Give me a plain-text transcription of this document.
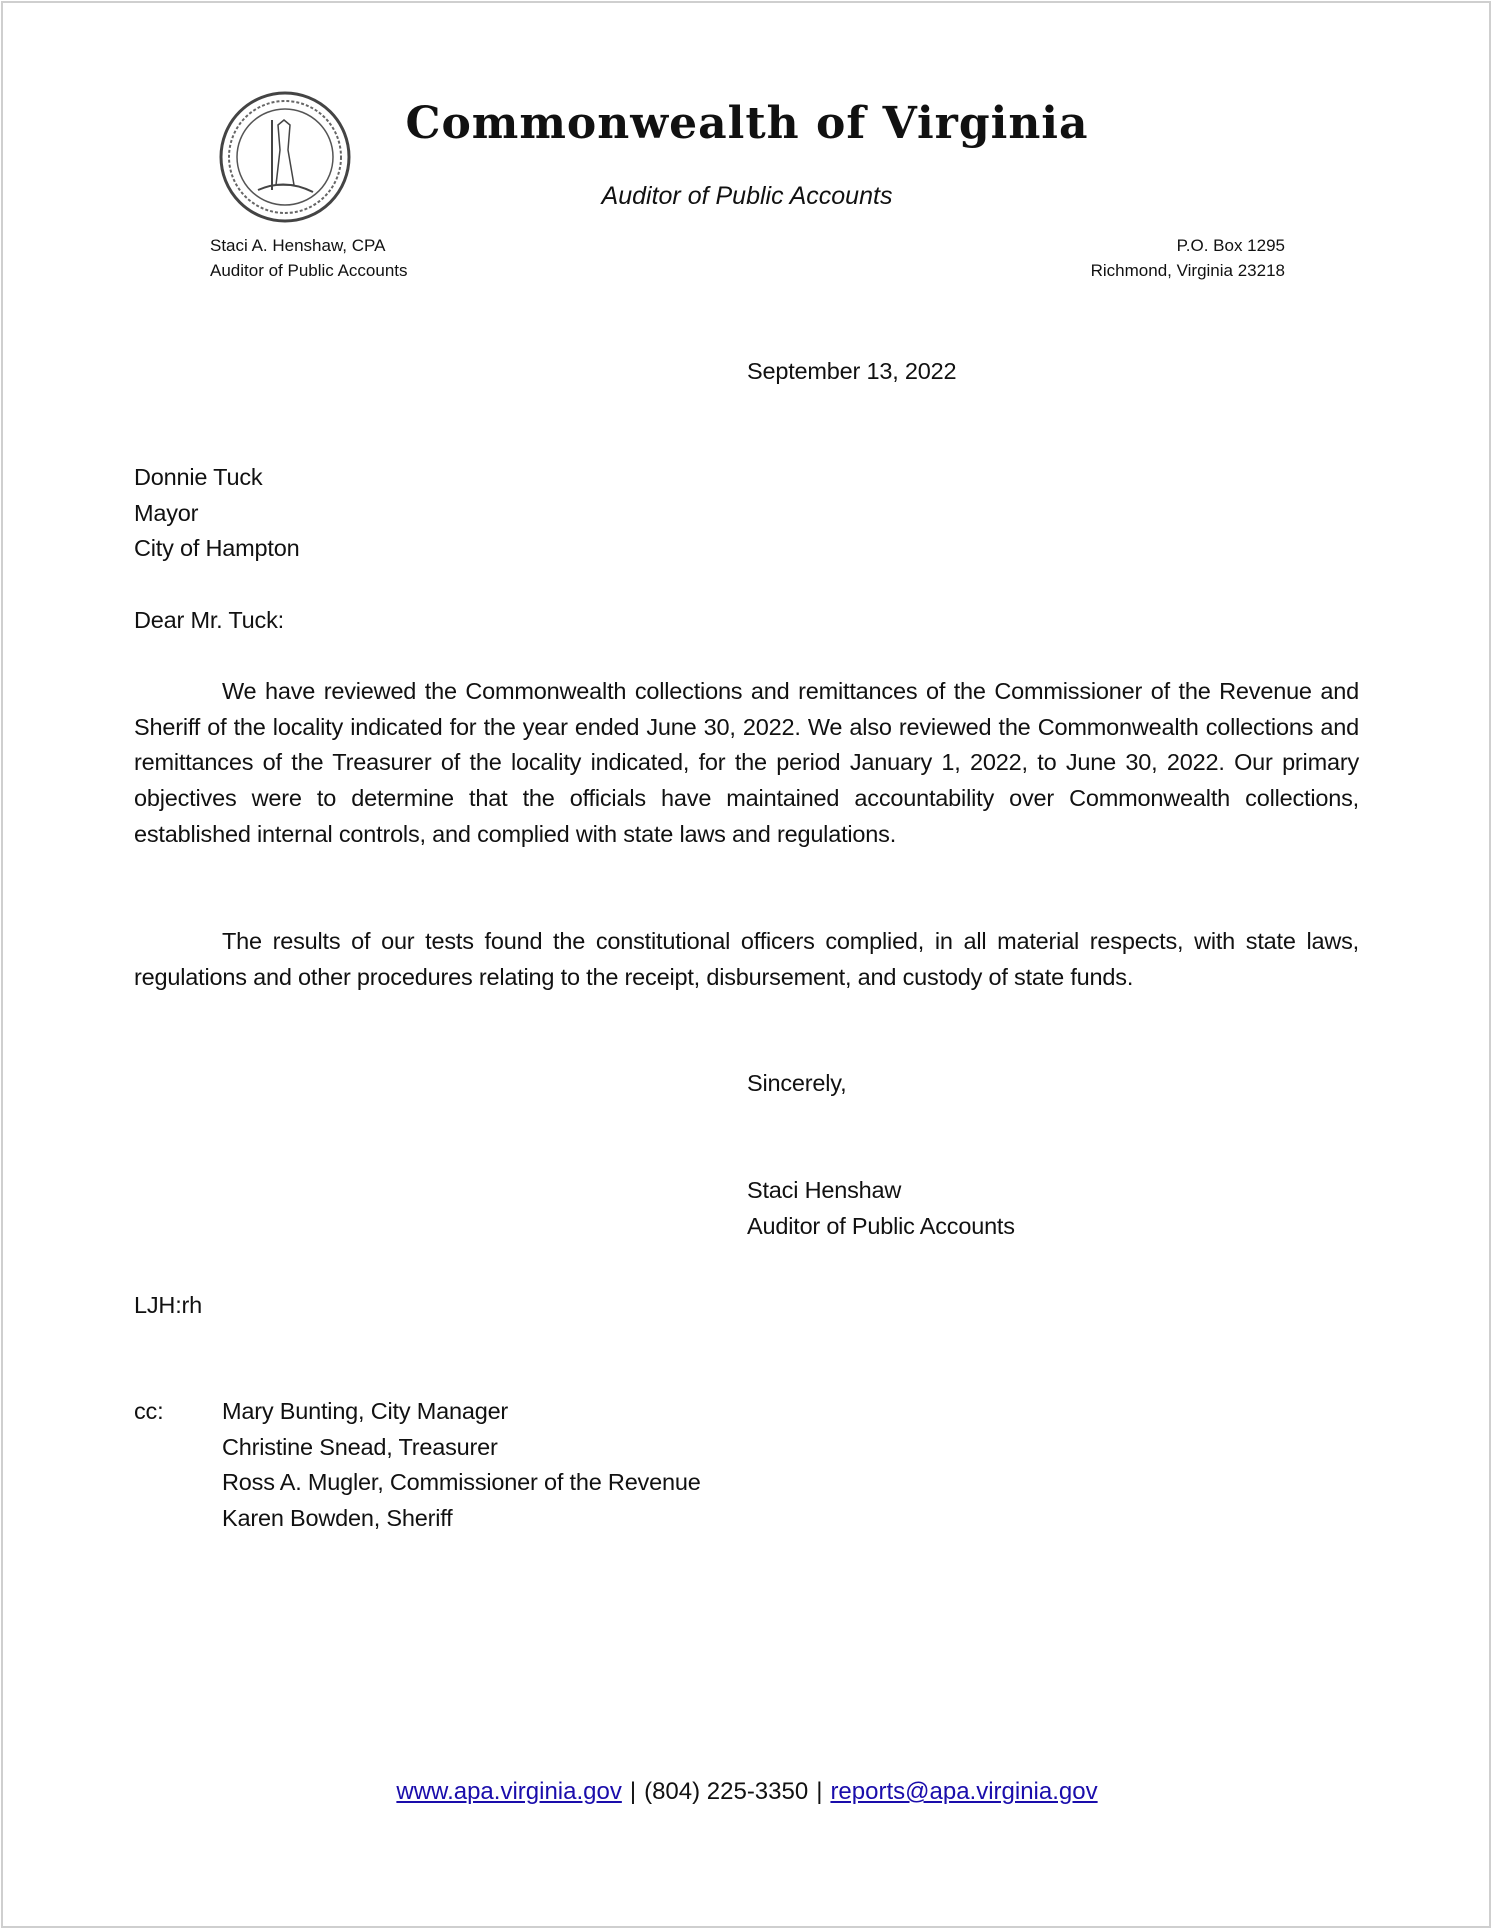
Commonwealth of Virginia
Auditor of Public Accounts
Staci A. Henshaw, CPA
Auditor of Public Accounts
P.O. Box 1295
Richmond, Virginia 23218
September 13, 2022
Donnie Tuck
Mayor
City of Hampton
Dear Mr. Tuck:
We have reviewed the Commonwealth collections and remittances of the Commissioner of the Revenue and Sheriff of the locality indicated for the year ended June 30, 2022. We also reviewed the Commonwealth collections and remittances of the Treasurer of the locality indicated, for the period January 1, 2022, to June 30, 2022. Our primary objectives were to determine that the officials have maintained accountability over Commonwealth collections, established internal controls, and complied with state laws and regulations.
The results of our tests found the constitutional officers complied, in all material respects, with state laws, regulations and other procedures relating to the receipt, disbursement, and custody of state funds.
Sincerely,
Staci Henshaw
Auditor of Public Accounts
LJH:rh
cc: Mary Bunting, City Manager
Christine Snead, Treasurer
Ross A. Mugler, Commissioner of the Revenue
Karen Bowden, Sheriff
www.apa.virginia.gov | (804) 225-3350 | reports@apa.virginia.gov
